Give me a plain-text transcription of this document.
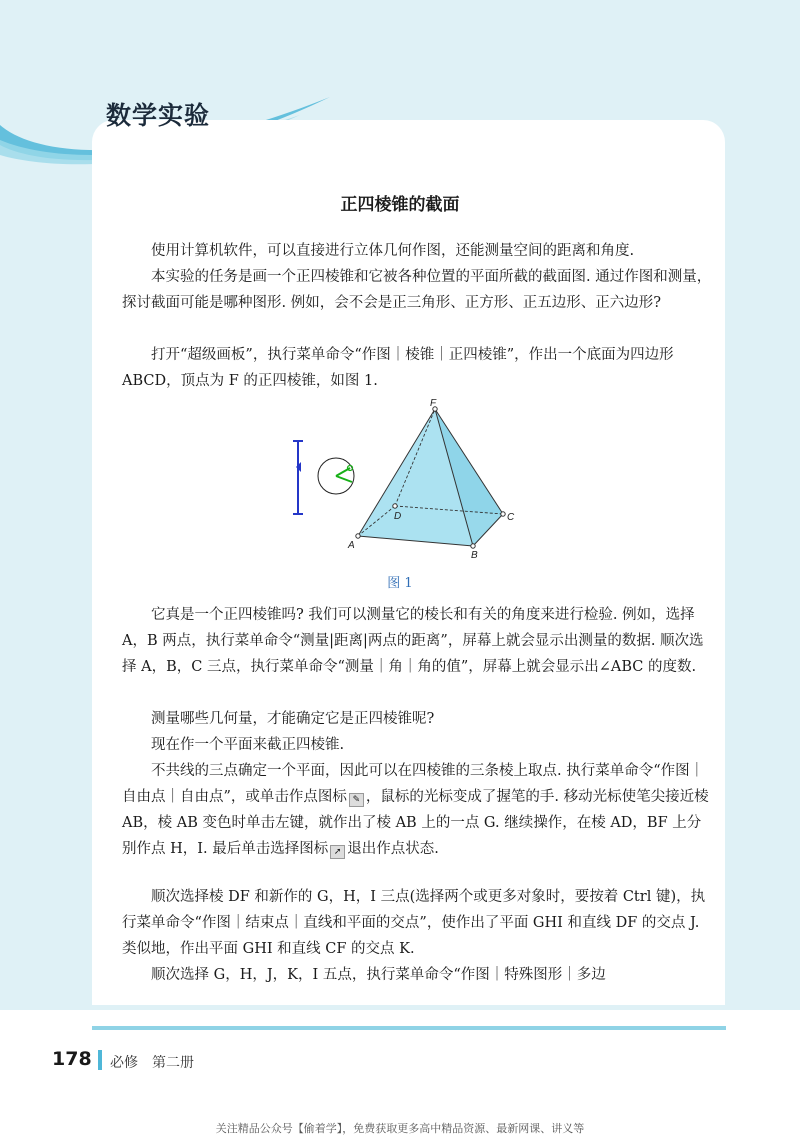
数学实验
正四棱锥的截面

使用计算机软件，可以直接进行立体几何作图，还能测量空间的距离和角度.

本实验的任务是画一个正四棱锥和它被各种位置的平面所截的截面图. 通过作图和测量，探讨截面可能是哪种图形. 例如，会不会是正三角形、正方形、正五边形、正六边形?

打开“超级画板”，执行菜单命令“作图｜棱锥｜正四棱锥”，作出一个底面为四边形 ABCD，顶点为 F 的正四棱锥，如图 1.

F
D	C
A
B
图 1

它真是一个正四棱锥吗? 我们可以测量它的棱长和有关的角度来进行检验. 例如，选择 A，B 两点，执行菜单命令“测量|距离|两点的距离”，屏幕上就会显示出测量的数据. 顺次选择 A，B，C 三点，执行菜单命令“测量｜角｜角的值”，屏幕上就会显示出∠ABC 的度数.

测量哪些几何量，才能确定它是正四棱锥呢?

现在作一个平面来截正四棱锥.

不共线的三点确定一个平面，因此可以在四棱锥的三条棱上取点. 执行菜单命令“作图｜自由点｜自由点”，或单击作点图标 ✎ ，鼠标的光标变成了握笔的手. 移动光标使笔尖接近棱 AB，棱 AB 变色时单击左键，就作出了棱 AB 上的一点 G. 继续操作，在棱 AD，BF 上分别作点 H，I. 最后单击选择图标 ➚ 退出作点状态.

顺次选择棱 DF 和新作的 G，H，I 三点(选择两个或更多对象时，要按着 Ctrl 键)，执行菜单命令“作图｜结束点｜直线和平面的交点”，使作出了平面 GHI 和直线 DF 的交点 J. 类似地，作出平面 GHI 和直线 CF 的交点 K.

顺次选择 G，H，J，K，I 五点，执行菜单命令“作图｜特殊图形｜多边

178 必修　第二册
关注精品公众号【偷着学】，免费获取更多高中精品资源、最新网课、讲义等
